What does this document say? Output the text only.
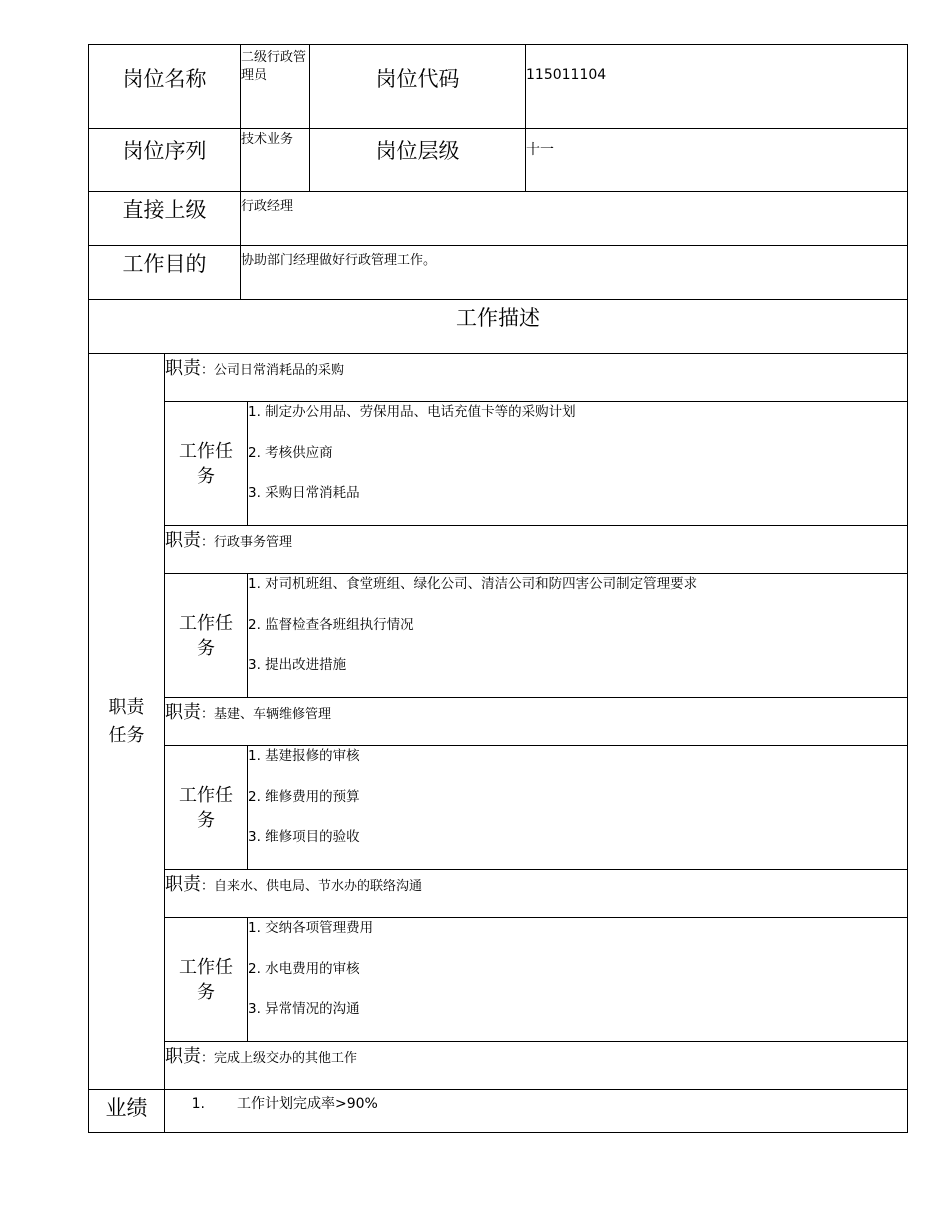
岗位名称		二级行政管理员		岗位代码	115011104
岗位序列		技术业务		岗位层级	十一
直接上级		行政经理			
工作目的		协助部门经理做好行政管理工作。			
工作描述					

职责任务	职责：公司日常消耗品的采购				

	工作任务		1. 制定办公用品、劳保用品、电话充值卡等的采购计划
2. 考核供应商
3. 采购日常消耗品		

	职责：行政事务管理				

	工作任务		1. 对司机班组、食堂班组、绿化公司、清洁公司和防四害公司制定管理要求
2. 监督检查各班组执行情况
3. 提出改进措施		

	职责：基建、车辆维修管理				

	工作任务		1. 基建报修的审核
2. 维修费用的预算
3. 维修项目的验收		

	职责：自来水、供电局、节水办的联络沟通				

	工作任务		1. 交纳各项管理费用
2. 水电费用的审核
3. 异常情况的沟通		

	职责：完成上级交办的其他工作				
业绩	1. 工作计划完成率>90%				
